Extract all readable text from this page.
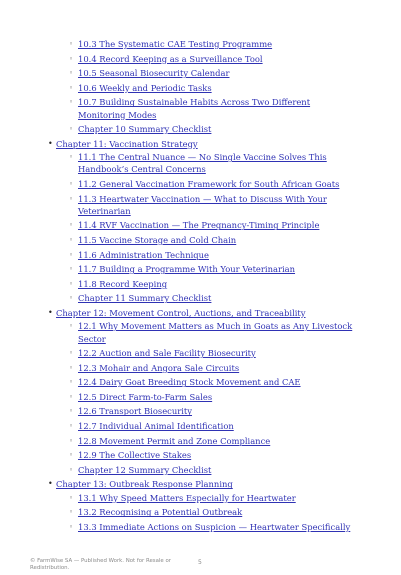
◦ 10.3 The Systematic CAE Testing Programme
◦ 10.4 Record Keeping as a Surveillance Tool
◦ 10.5 Seasonal Biosecurity Calendar
◦ 10.6 Weekly and Periodic Tasks
◦ 10.7 Building Sustainable Habits Across Two Different Monitoring Modes
◦ Chapter 10 Summary Checklist
• Chapter 11: Vaccination Strategy
◦ 11.1 The Central Nuance — No Single Vaccine Solves This Handbook’s Central Concerns
◦ 11.2 General Vaccination Framework for South African Goats
◦ 11.3 Heartwater Vaccination — What to Discuss With Your Veterinarian
◦ 11.4 RVF Vaccination — The Pregnancy-Timing Principle
◦ 11.5 Vaccine Storage and Cold Chain
◦ 11.6 Administration Technique
◦ 11.7 Building a Programme With Your Veterinarian
◦ 11.8 Record Keeping
◦ Chapter 11 Summary Checklist
• Chapter 12: Movement Control, Auctions, and Traceability
◦ 12.1 Why Movement Matters as Much in Goats as Any Livestock Sector
◦ 12.2 Auction and Sale Facility Biosecurity
◦ 12.3 Mohair and Angora Sale Circuits
◦ 12.4 Dairy Goat Breeding Stock Movement and CAE
◦ 12.5 Direct Farm-to-Farm Sales
◦ 12.6 Transport Biosecurity
◦ 12.7 Individual Animal Identification
◦ 12.8 Movement Permit and Zone Compliance
◦ 12.9 The Collective Stakes
◦ Chapter 12 Summary Checklist
• Chapter 13: Outbreak Response Planning
◦ 13.1 Why Speed Matters Especially for Heartwater
◦ 13.2 Recognising a Potential Outbreak
◦ 13.3 Immediate Actions on Suspicion — Heartwater Specifically
© FarmWise SA — Published Work. Not for Resale or Redistribution.
5
